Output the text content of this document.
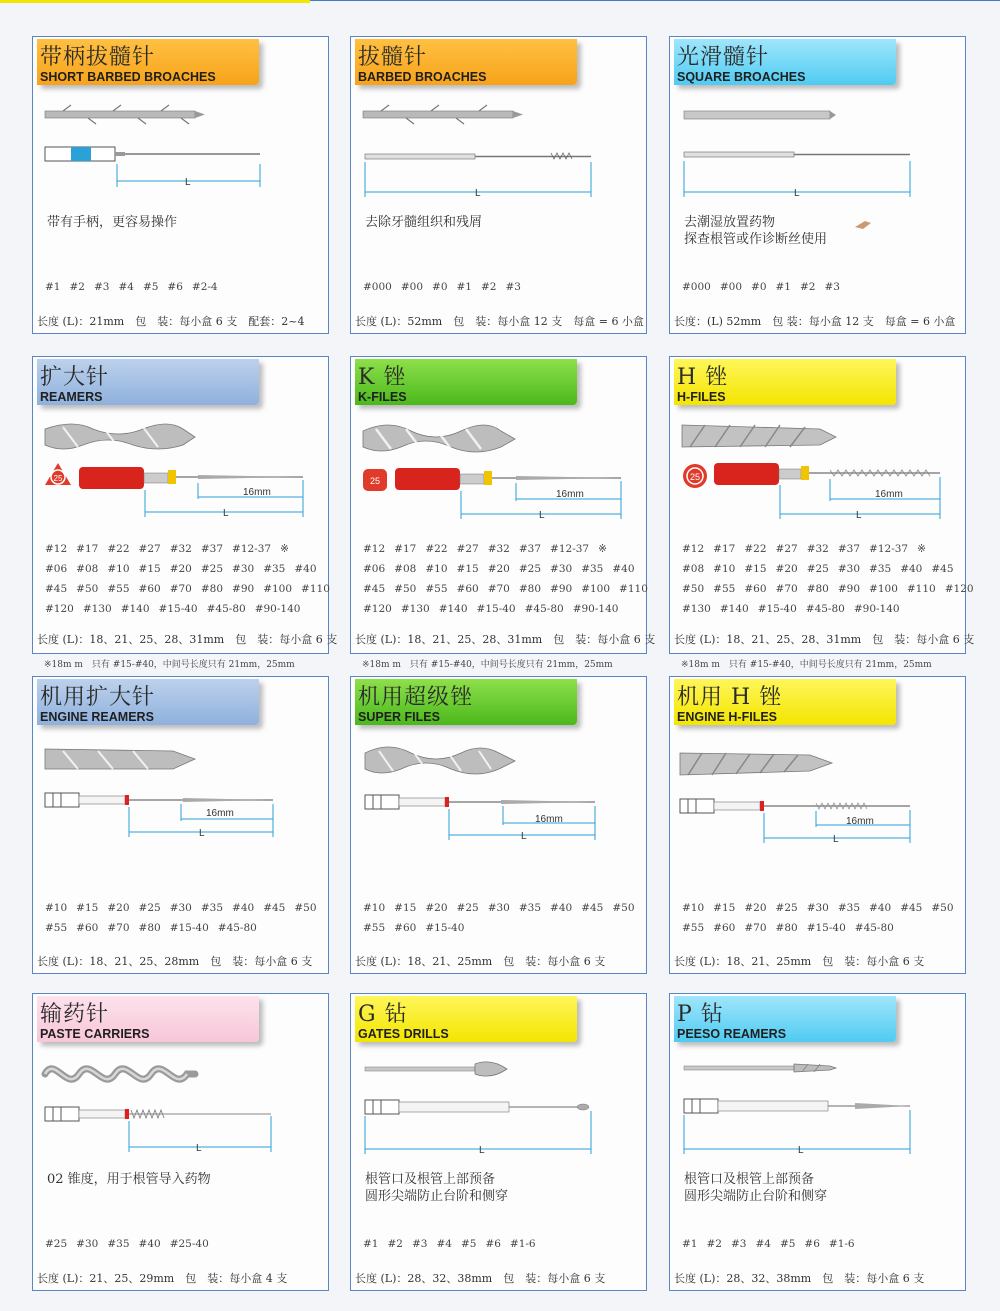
带柄拔髓针
SHORT BARBED BROACHES
L
带有手柄，更容易操作
#1 #2 #3 #4 #5 #6 #2-4
长度 (L)：21mm　包　装：每小盒 6 支　配套：2~4
拔髓针
BARBED BROACHES
L
去除牙髓组织和残屑
#000 #00 #0 #1 #2 #3
长度 (L)：52mm　包　装：每小盒 12 支　每盒 = 6 小盒
光滑髓针
SQUARE BROACHES
L
去潮湿放置药物
探查根管或作诊断丝使用
#000 #00 #0 #1 #2 #3
长度：(L) 52mm　包 装：每小盒 12 支　每盒 = 6 小盒
扩大针
REAMERS
25
16mm
L
#12 #17 #22 #27 #32 #37 #12-37 ※
#06 #08 #10 #15 #20 #25 #30 #35 #40
#45 #50 #55 #60 #70 #80 #90 #100 #110
#120 #130 #140 #15-40 #45-80 #90-140
长度 (L)：18、21、25、28、31mm　包　装：每小盒 6 支
※18m m　只有 #15-#40，中间号长度只有 21mm，25mm
K 锉
K-FILES
25
16mm
L
#12 #17 #22 #27 #32 #37 #12-37 ※
#06 #08 #10 #15 #20 #25 #30 #35 #40
#45 #50 #55 #60 #70 #80 #90 #100 #110
#120 #130 #140 #15-40 #45-80 #90-140
长度 (L)：18、21、25、28、31mm　包　装：每小盒 6 支
※18m m　只有 #15-#40，中间号长度只有 21mm，25mm
H 锉
H-FILES
25
16mm
L
#12 #17 #22 #27 #32 #37 #12-37 ※
#08 #10 #15 #20 #25 #30 #35 #40 #45
#50 #55 #60 #70 #80 #90 #100 #110 #120
#130 #140 #15-40 #45-80 #90-140
长度 (L)：18、21、25、28、31mm　包　装：每小盒 6 支
※18m m　只有 #15-#40，中间号长度只有 21mm，25mm
机用扩大针
ENGINE REAMERS
16mm
L
#10 #15 #20 #25 #30 #35 #40 #45 #50
#55 #60 #70 #80 #15-40 #45-80
长度 (L)：18、21、25、28mm　包　装：每小盒 6 支
机用超级锉
SUPER FILES
16mm
L
#10 #15 #20 #25 #30 #35 #40 #45 #50
#55 #60 #15-40
长度 (L)：18、21、25mm　包　装：每小盒 6 支
机用 H 锉
ENGINE H-FILES
16mm
L
#10 #15 #20 #25 #30 #35 #40 #45 #50
#55 #60 #70 #80 #15-40 #45-80
长度 (L)：18、21、25mm　包　装：每小盒 6 支
输药针
PASTE CARRIERS
L
02 锥度，用于根管导入药物
#25 #30 #35 #40 #25-40
长度 (L)：21、25、29mm　包　装：每小盒 4 支
G 钻
GATES DRILLS
L
根管口及根管上部预备
圆形尖端防止台阶和侧穿
#1 #2 #3 #4 #5 #6 #1-6
长度 (L)：28、32、38mm　包　装：每小盒 6 支
P 钻
PEESO REAMERS
L
根管口及根管上部预备
圆形尖端防止台阶和侧穿
#1 #2 #3 #4 #5 #6 #1-6
长度 (L)：28、32、38mm　包　装：每小盒 6 支
